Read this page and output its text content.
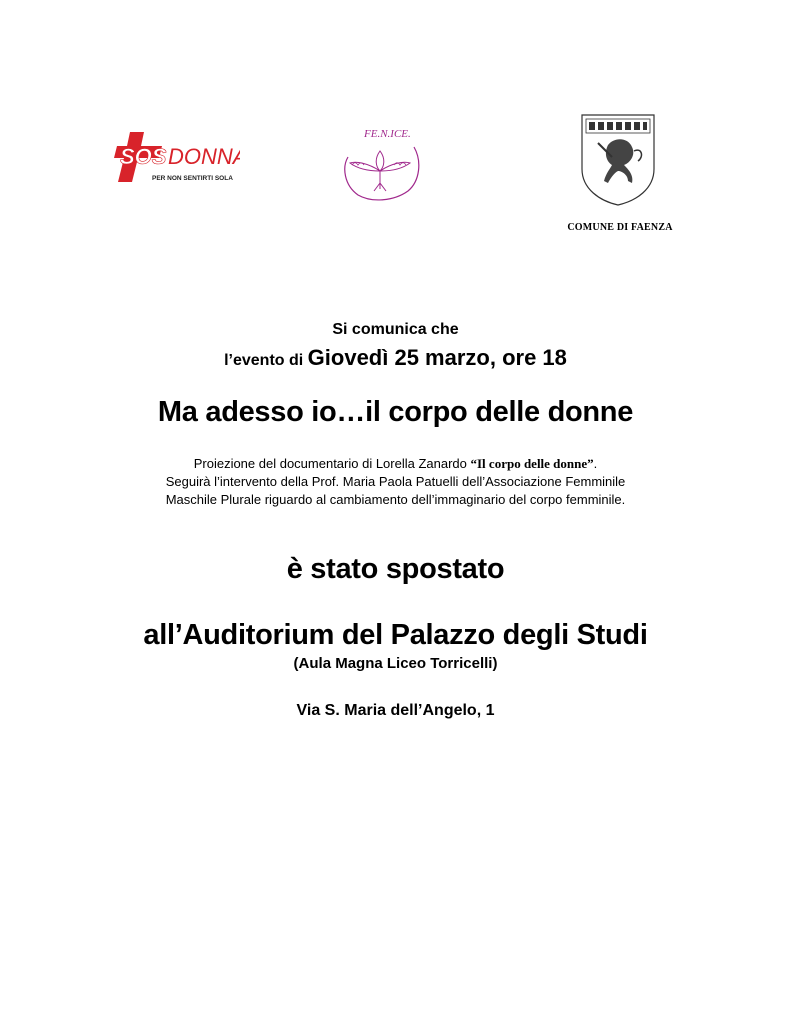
SOS DONNA
PER NON SENTIRTI SOLA
FE.N.ICE.
COMUNE DI FAENZA
Si comunica che
l’evento di Giovedì 25 marzo, ore 18
Ma adesso io…il corpo delle donne
Proiezione del documentario di Lorella Zanardo “Il corpo delle donne”.
Seguirà l’intervento della Prof. Maria Paola Patuelli dell’Associazione Femminile
Maschile Plurale riguardo al cambiamento dell’immaginario del corpo femminile.
è stato spostato
all’Auditorium del Palazzo degli Studi
(Aula Magna Liceo Torricelli)
Via S. Maria dell’Angelo, 1
